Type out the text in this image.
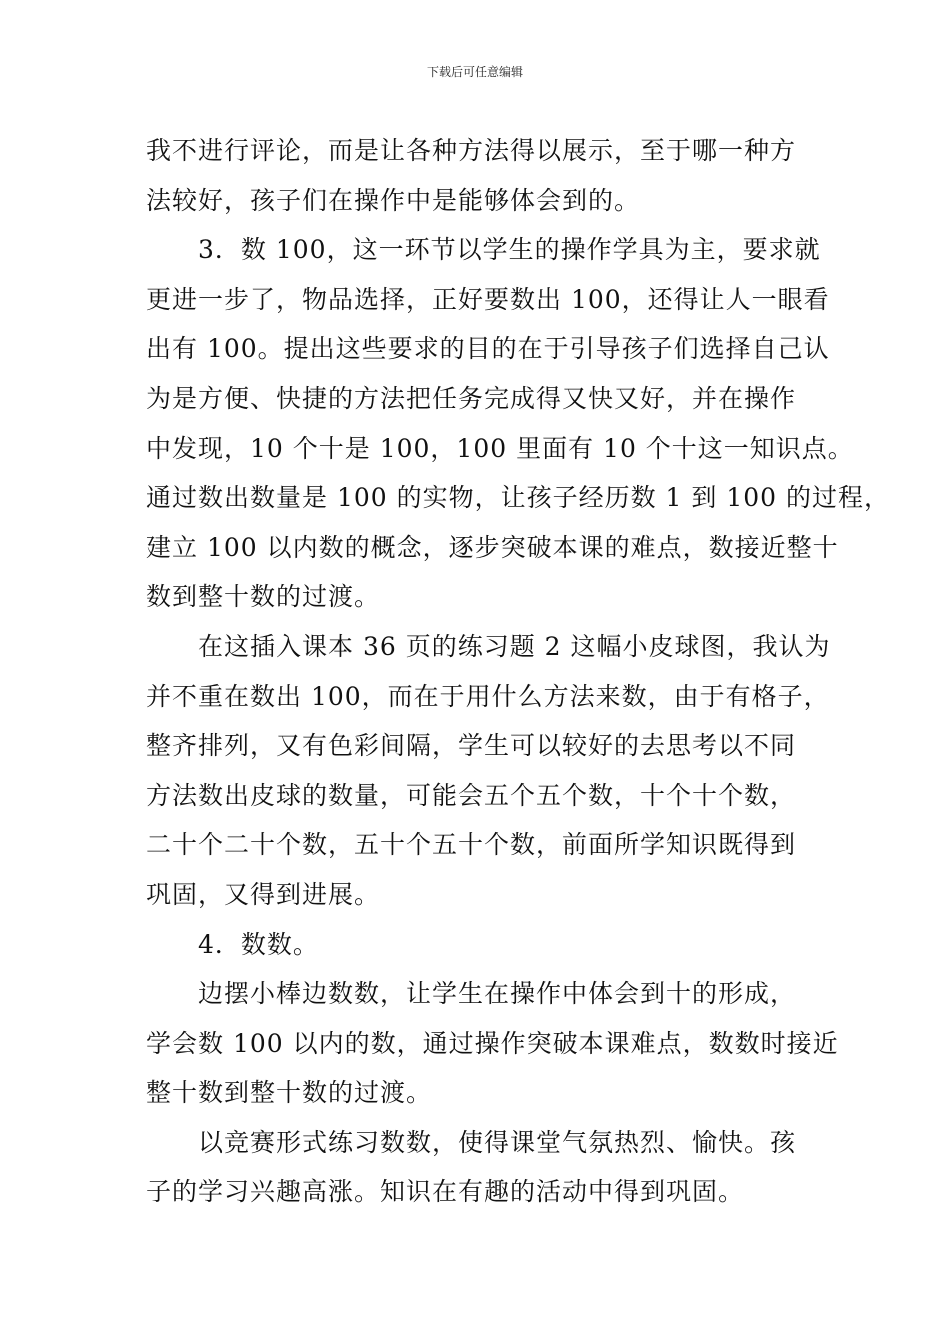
下载后可任意编辑

我不进行评论，而是让各种方法得以展示，至于哪一种方
法较好，孩子们在操作中是能够体会到的。

3．数 100，这一环节以学生的操作学具为主，要求就
更进一步了，物品选择，正好要数出 100，还得让人一眼看
出有 100。提出这些要求的目的在于引导孩子们选择自己认
为是方便、快捷的方法把任务完成得又快又好，并在操作
中发现，10 个十是 100，100 里面有 10 个十这一知识点。
通过数出数量是 100 的实物，让孩子经历数 1 到 100 的过程，
建立 100 以内数的概念，逐步突破本课的难点，数接近整十
数到整十数的过渡。

在这插入课本 36 页的练习题 2 这幅小皮球图，我认为
并不重在数出 100，而在于用什么方法来数，由于有格子，
整齐排列，又有色彩间隔，学生可以较好的去思考以不同
方法数出皮球的数量，可能会五个五个数，十个十个数，
二十个二十个数，五十个五十个数，前面所学知识既得到
巩固，又得到进展。

4．数数。

边摆小棒边数数，让学生在操作中体会到十的形成，
学会数 100 以内的数，通过操作突破本课难点，数数时接近
整十数到整十数的过渡。

以竞赛形式练习数数，使得课堂气氛热烈、愉快。孩
子的学习兴趣高涨。知识在有趣的活动中得到巩固。
